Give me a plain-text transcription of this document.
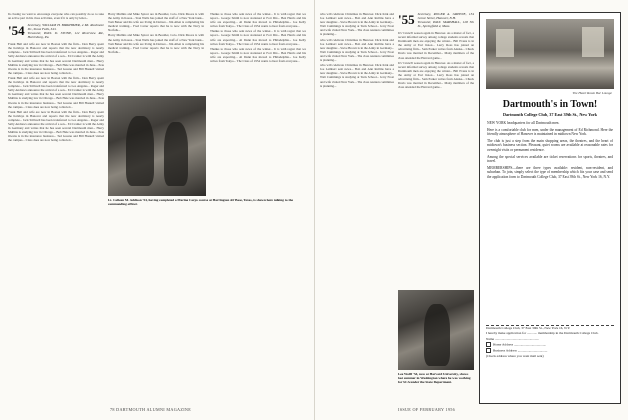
In closing we want to encourage everyone who can possibly do so to take an active part in his class activities, even if it is only by letter...

'54 Secretary, WILLIAM H. BIRKHIMER, 4 Mt. Rushmore Dr., Sioux Falls, S.D.
Treasurer, PAUL D. STONE, 112 Riverview Rd., Harrisburg, Pa.

Frank Hall and wife are now in Boston with the firm... Don Berry spent the holidays in Hanover and reports that the new dormitory is nearly complete... Jack Stillwell has been transferred to Los Angeles... Roger and Sally Andrews announce the arrival of a son... Ed Cramer is with the Army in Germany and writes that he has seen several Dartmouth men... Harry Mullins is studying law in Chicago... Bob Hale was married in June... Pete Owens is in the insurance business... Ted Greene and Bill Haskell visited the campus... Class dues are now being collected...

Frank Hall and wife are now in Boston with the firm... Don Berry spent the holidays in Hanover and reports that the new dormitory is nearly complete... Jack Stillwell has been transferred to Los Angeles... Roger and Sally Andrews announce the arrival of a son... Ed Cramer is with the Army in Germany and writes that he has seen several Dartmouth men... Harry Mullins is studying law in Chicago... Bob Hale was married in June... Pete Owens is in the insurance business... Ted Greene and Bill Haskell visited the campus... Class dues are now being collected...

Frank Hall and wife are now in Boston with the firm... Don Berry spent the holidays in Hanover and reports that the new dormitory is nearly complete... Jack Stillwell has been transferred to Los Angeles... Roger and Sally Andrews announce the arrival of a son... Ed Cramer is with the Army in Germany and writes that he has seen several Dartmouth men... Harry Mullins is studying law in Chicago... Bob Hale was married in June... Pete Owens is in the insurance business... Ted Greene and Bill Haskell visited the campus... Class dues are now being collected...

Harry Mullins and Mike Spicer are in Boulder, Colo. Dick Moore is with the Army in Korea... Stan Wells has joined the staff of a New York bank... Tom Baker and his wife are living in Denver... Jim Allen is completing his medical training... Fred Carter reports that he is now with the Navy in Norfolk...

Harry Mullins and Mike Spicer are in Boulder, Colo. Dick Moore is with the Army in Korea... Stan Wells has joined the staff of a New York bank... Tom Baker and his wife are living in Denver... Jim Allen is completing his medical training... Fred Carter reports that he is now with the Navy in Norfolk...

Lt. Colleen M. Addison '54, having completed a Marine Corps course at Harrington AF Base, Texas, is shown here talking to the commanding officer.

Thanks to those who sent news of the winter... It is with regret that we report... George Smith is now stationed at Fort Dix... Ben Harris and his wife are expecting... Al Dunn has moved to Philadelphia... Joe Kelly writes from Tokyo... The Class of 1954 wants to hear from everyone...

Thanks to those who sent news of the winter... It is with regret that we report... George Smith is now stationed at Fort Dix... Ben Harris and his wife are expecting... Al Dunn has moved to Philadelphia... Joe Kelly writes from Tokyo... The Class of 1954 wants to hear from everyone...

Thanks to those who sent news of the winter... It is with regret that we report... George Smith is now stationed at Fort Dix... Ben Harris and his wife are expecting... Al Dunn has moved to Philadelphia... Joe Kelly writes from Tokyo... The Class of 1954 wants to hear from everyone...

78 DARTMOUTH ALUMNI MAGAZINE

who will celebrate Christmas in Hanover. Dick Kirk and Joe Lambert sent news... Bob and Ann Rollins have a new daughter... Steve Brown is in the Army in Germany... Walt Cummings is studying at Tuck School... Jerry Frost and wife visited New York... The class reunion committee is planning...

who will celebrate Christmas in Hanover. Dick Kirk and Joe Lambert sent news... Bob and Ann Rollins have a new daughter... Steve Brown is in the Army in Germany... Walt Cummings is studying at Tuck School... Jerry Frost and wife visited New York... The class reunion committee is planning...

who will celebrate Christmas in Hanover. Dick Kirk and Joe Lambert sent news... Bob and Ann Rollins have a new daughter... Steve Brown is in the Army in Germany... Walt Cummings is studying at Tuck School... Jerry Frost and wife visited New York... The class reunion committee is planning...

'55 Secretary, ROGER A. GREENE, 134 Grove Street, Hanover, N.H.
Treasurer, PAUL MARSHALL, 128 5th St., Springfield 4, Mass.

It's 'Crunch' season again in Hanover. As a matter of fact, a recent informal survey among college students reveals that Dartmouth men are enjoying the winter... Bill Evans is in the Army at Fort Knox... Larry Ross has joined an advertising firm... Sam Parker writes from Alaska... Chuck Davis was married in December... Many members of the class attended the Harvard game...

It's 'Crunch' season again in Hanover. As a matter of fact, a recent informal survey among college students reveals that Dartmouth men are enjoying the winter... Bill Evans is in the Army at Fort Knox... Larry Ross has joined an advertising firm... Sam Parker writes from Alaska... Chuck Davis was married in December... Many members of the class attended the Harvard game...

Lee Wolff '54, now at Harvard University, shows last summer in Washington where he was working for SCA under the State Department.
ISSUE OF FEBRUARY 1956
The Heart Room Bar Lounge
Dartmouth's in Town!
Dartmouth College Club, 37 East 39th St., New York

NEW YORK headquarters for all Dartmouth men.

Here is a comfortable club for men, under the management of Ed Richmond. Here the friendly atmosphere of Hanover is maintained in midtown New York.

The club is just a step from the main shopping areas, the theatres, and the heart of midtown's business section. Pleasant, quiet rooms are available at reasonable rates for overnight visits or permanent residence.

Among the special services available are ticket reservations for sports, theatres, and travel.

MEMBERSHIPS—there are three types available: resident, non-resident, and suburban. To join, simply select the type of membership which fits your case and send the application form to Dartmouth College Club, 37 East 39th St., New York 16, N.Y.

Dartmouth College Club, 37 East 39th St., New York 16, N.Y.
I hereby make application for ............ membership in the Dartmouth College Club.
Name ....................................................
Home Address ......................................
Business Address ...................................
(Check address where you want mail sent)
